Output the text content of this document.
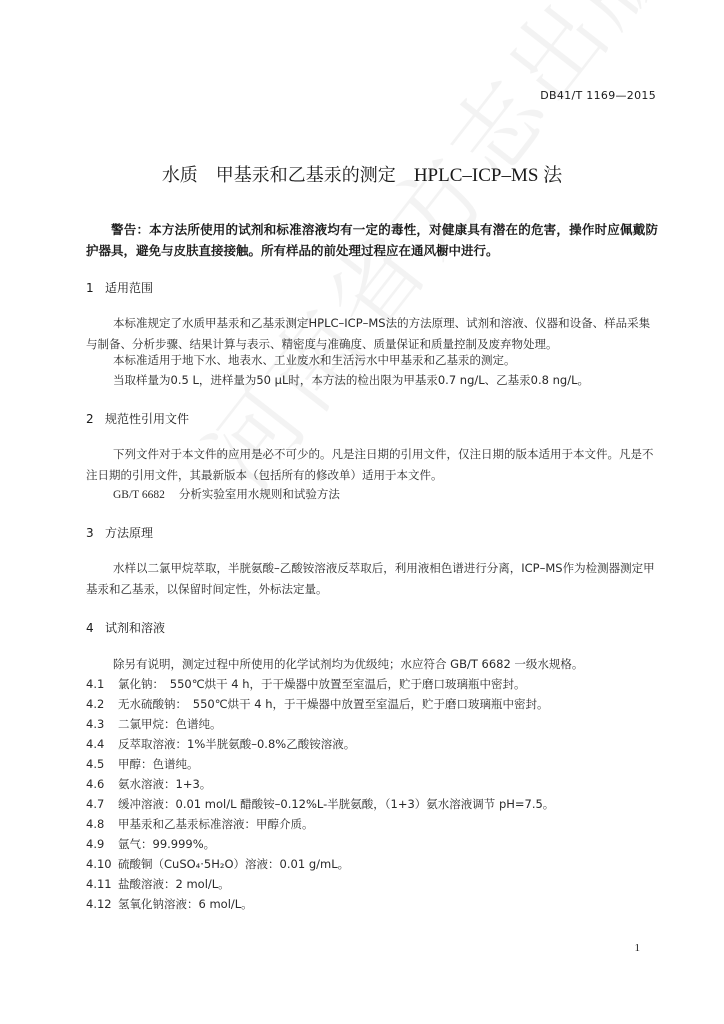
DB41/T 1169—2015
水质　甲基汞和乙基汞的测定　HPLC–ICP–MS 法
警告：本方法所使用的试剂和标准溶液均有一定的毒性，对健康具有潜在的危害，操作时应佩戴防护器具，避免与皮肤直接接触。所有样品的前处理过程应在通风橱中进行。
1 适用范围
本标准规定了水质甲基汞和乙基汞测定HPLC–ICP–MS法的方法原理、试剂和溶液、仪器和设备、样品采集与制备、分析步骤、结果计算与表示、精密度与准确度、质量保证和质量控制及废弃物处理。
本标准适用于地下水、地表水、工业废水和生活污水中甲基汞和乙基汞的测定。
当取样量为0.5 L，进样量为50 μL时，本方法的检出限为甲基汞0.7 ng/L、乙基汞0.8 ng/L。
2 规范性引用文件
下列文件对于本文件的应用是必不可少的。凡是注日期的引用文件，仅注日期的版本适用于本文件。凡是不注日期的引用文件，其最新版本（包括所有的修改单）适用于本文件。
GB/T 6682 分析实验室用水规则和试验方法
3 方法原理
水样以二氯甲烷萃取，半胱氨酸–乙酸铵溶液反萃取后，利用液相色谱进行分离，ICP–MS作为检测器测定甲基汞和乙基汞，以保留时间定性，外标法定量。
4 试剂和溶液
除另有说明，测定过程中所使用的化学试剂均为优级纯；水应符合 GB/T 6682 一级水规格。
4.1 氯化钠：　550℃烘干 4 h，于干燥器中放置至室温后，贮于磨口玻璃瓶中密封。
4.2 无水硫酸钠：　550℃烘干 4 h，于干燥器中放置至室温后，贮于磨口玻璃瓶中密封。
4.3 二氯甲烷：色谱纯。
4.4 反萃取溶液：1%半胱氨酸–0.8%乙酸铵溶液。
4.5 甲醇：色谱纯。
4.6 氨水溶液：1+3。
4.7 缓冲溶液：0.01 mol/L 醋酸铵–0.12%L-半胱氨酸，（1+3）氨水溶液调节 pH=7.5。
4.8 甲基汞和乙基汞标准溶液：甲醇介质。
4.9 氩气：99.999%。
4.10 硫酸铜（CuSO₄·5H₂O）溶液：0.01 g/mL。
4.11 盐酸溶液：2 mol/L。
4.12 氢氧化钠溶液：6 mol/L。
1
